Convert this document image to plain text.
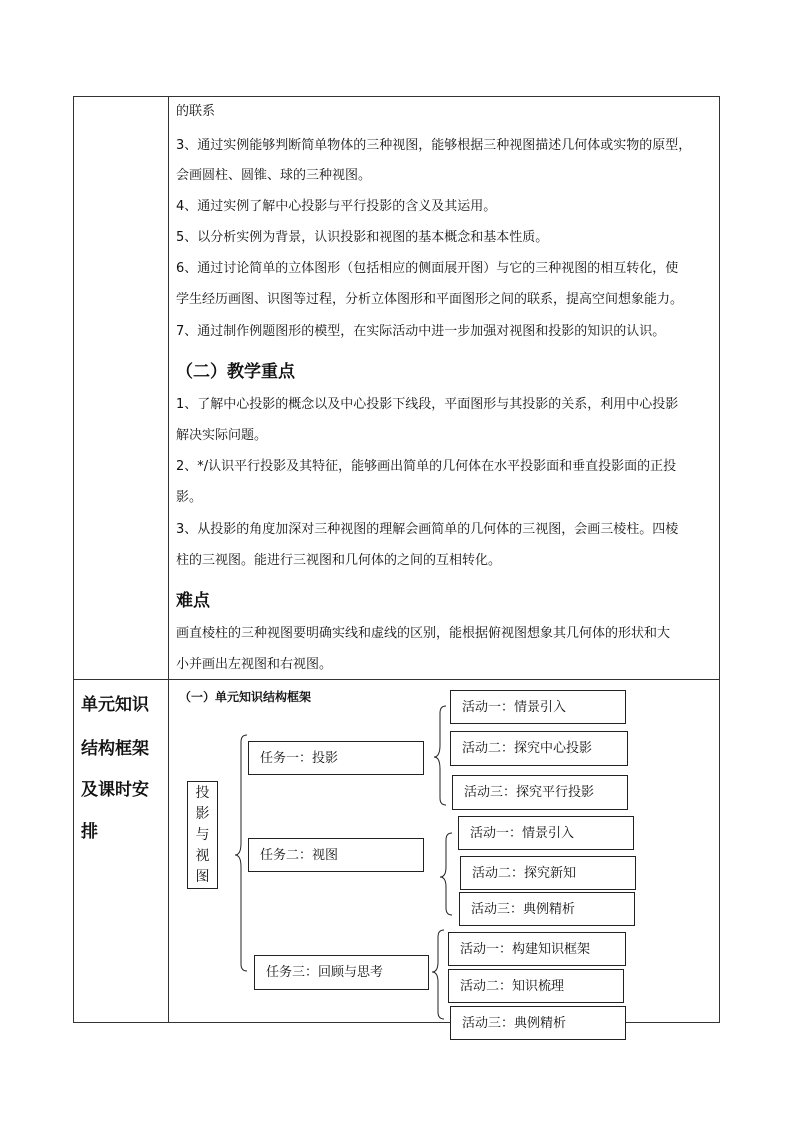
的联系
3、通过实例能够判断简单物体的三种视图，能够根据三种视图描述几何体或实物的原型，
会画圆柱、圆锥、球的三种视图。
4、通过实例了解中心投影与平行投影的含义及其运用。
5、以分析实例为背景，认识投影和视图的基本概念和基本性质。
6、通过讨论简单的立体图形（包括相应的侧面展开图）与它的三种视图的相互转化，使
学生经历画图、识图等过程，分析立体图形和平面图形之间的联系，提高空间想象能力。
7、通过制作例题图形的模型，在实际活动中进一步加强对视图和投影的知识的认识。
（二）教学重点
1、了解中心投影的概念以及中心投影下线段，平面图形与其投影的关系，利用中心投影
解决实际问题。
2、*/认识平行投影及其特征，能够画出简单的几何体在水平投影面和垂直投影面的正投
影。
3、从投影的角度加深对三种视图的理解会画简单的几何体的三视图，会画三棱柱。四棱
柱的三视图。能进行三视图和几何体的之间的互相转化。
难点
画直棱柱的三种视图要明确实线和虚线的区别，能根据俯视图想象其几何体的形状和大
小并画出左视图和右视图。
单元知识
结构框架
及课时安
排
（一）单元知识结构框架
投
影
与
视
图
任务一：投影
任务二：视图
任务三：回顾与思考
活动一：情景引入
活动二：探究中心投影
活动三：探究平行投影
活动一：情景引入
活动二：探究新知
活动三：典例精析
活动一：构建知识框架
活动二：知识梳理
活动三：典例精析
